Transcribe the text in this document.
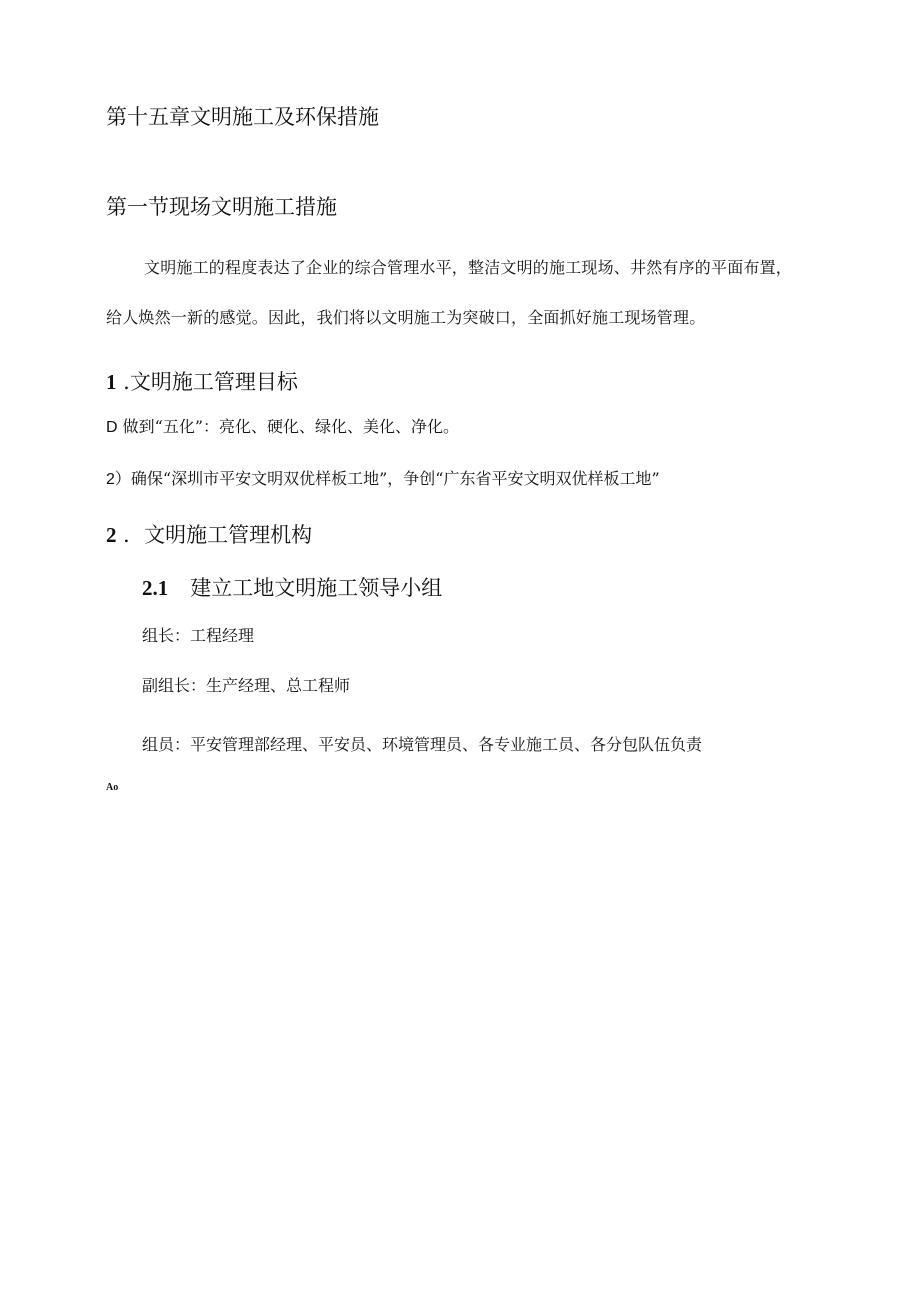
第十五章文明施工及环保措施
第一节现场文明施工措施
文明施工的程度表达了企业的综合管理水平，整洁文明的施工现场、井然有序的平面布置，
给人焕然一新的感觉。因此，我们将以文明施工为突破口，全面抓好施工现场管理。
1 .文明施工管理目标
D 做到“五化”：亮化、硬化、绿化、美化、净化。
2）确保“深圳市平安文明双优样板工地”，争创“广东省平安文明双优样板工地”
2 ．文明施工管理机构
2.1 建立工地文明施工领导小组
组长：工程经理
副组长：生产经理、总工程师
组员：平安管理部经理、平安员、环境管理员、各专业施工员、各分包队伍负责
Ao
